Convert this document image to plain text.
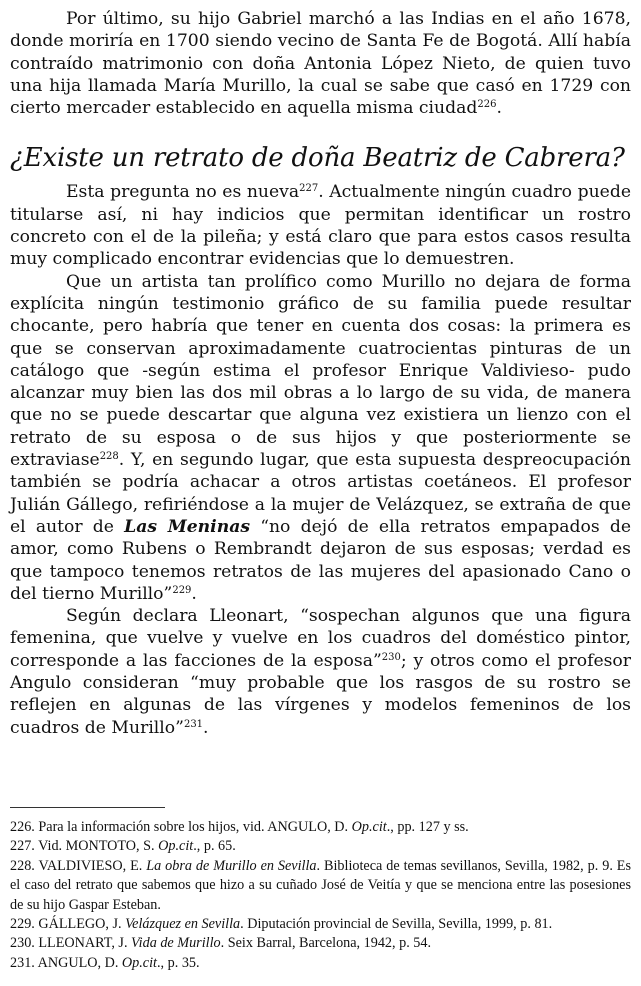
Por último, su hijo Gabriel marchó a las Indias en el año 1678, donde moriría en 1700 siendo vecino de Santa Fe de Bogotá. Allí había contraído matrimonio con doña Antonia López Nieto, de quien tuvo una hija llamada María Murillo, la cual se sabe que casó en 1729 con cierto mercader establecido en aquella misma ciudad$^{226}$.

¿Existe un retrato de doña Beatriz de Cabrera?

Esta pregunta no es nueva$^{227}$. Actualmente ningún cuadro puede titularse así, ni hay indicios que permitan identificar un rostro concreto con el de la pileña; y está claro que para estos casos resulta muy complicado encontrar evidencias que lo demuestren.

Que un artista tan prolífico como Murillo no dejara de forma explícita ningún testimonio gráfico de su familia puede resultar chocante, pero habría que tener en cuenta dos cosas: la primera es que se conservan aproximadamente cuatrocientas pinturas de un catálogo que -según estima el profesor Enrique Valdivieso- pudo alcanzar muy bien las dos mil obras a lo largo de su vida, de manera que no se puede descartar que alguna vez existiera un lienzo con el retrato de su esposa o de sus hijos y que posteriormente se extraviase$^{228}$. Y, en segundo lugar, que esta supuesta despreocupación también se podría achacar a otros artistas coetáneos. El profesor Julián Gállego, refiriéndose a la mujer de Velázquez, se extraña de que el autor de Las Meninas “no dejó de ella retratos empapados de amor, como Rubens o Rembrandt dejaron de sus esposas; verdad es que tampoco tenemos retratos de las mujeres del apasionado Cano o del tierno Murillo”$^{229}$.

Según declara Lleonart, “sospechan algunos que una figura femenina, que vuelve y vuelve en los cuadros del doméstico pintor, corresponde a las facciones de la esposa”$^{230}$; y otros como el profesor Angulo consideran “muy probable que los rasgos de su rostro se reflejen en algunas de las vírgenes y modelos femeninos de los cuadros de Murillo”$^{231}$.

226. Para la información sobre los hijos, vid. ANGULO, D. Op.cit., pp. 127 y ss.
227. Vid. MONTOTO, S. Op.cit., p. 65.
228. VALDIVIESO, E. La obra de Murillo en Sevilla. Biblioteca de temas sevillanos, Sevilla, 1982, p. 9. Es el caso del retrato que sabemos que hizo a su cuñado José de Veitía y que se menciona entre las posesiones de su hijo Gaspar Esteban.
229. GÁLLEGO, J. Velázquez en Sevilla. Diputación provincial de Sevilla, Sevilla, 1999, p. 81.
230. LLEONART, J. Vida de Murillo. Seix Barral, Barcelona, 1942, p. 54.
231. ANGULO, D. Op.cit., p. 35.
